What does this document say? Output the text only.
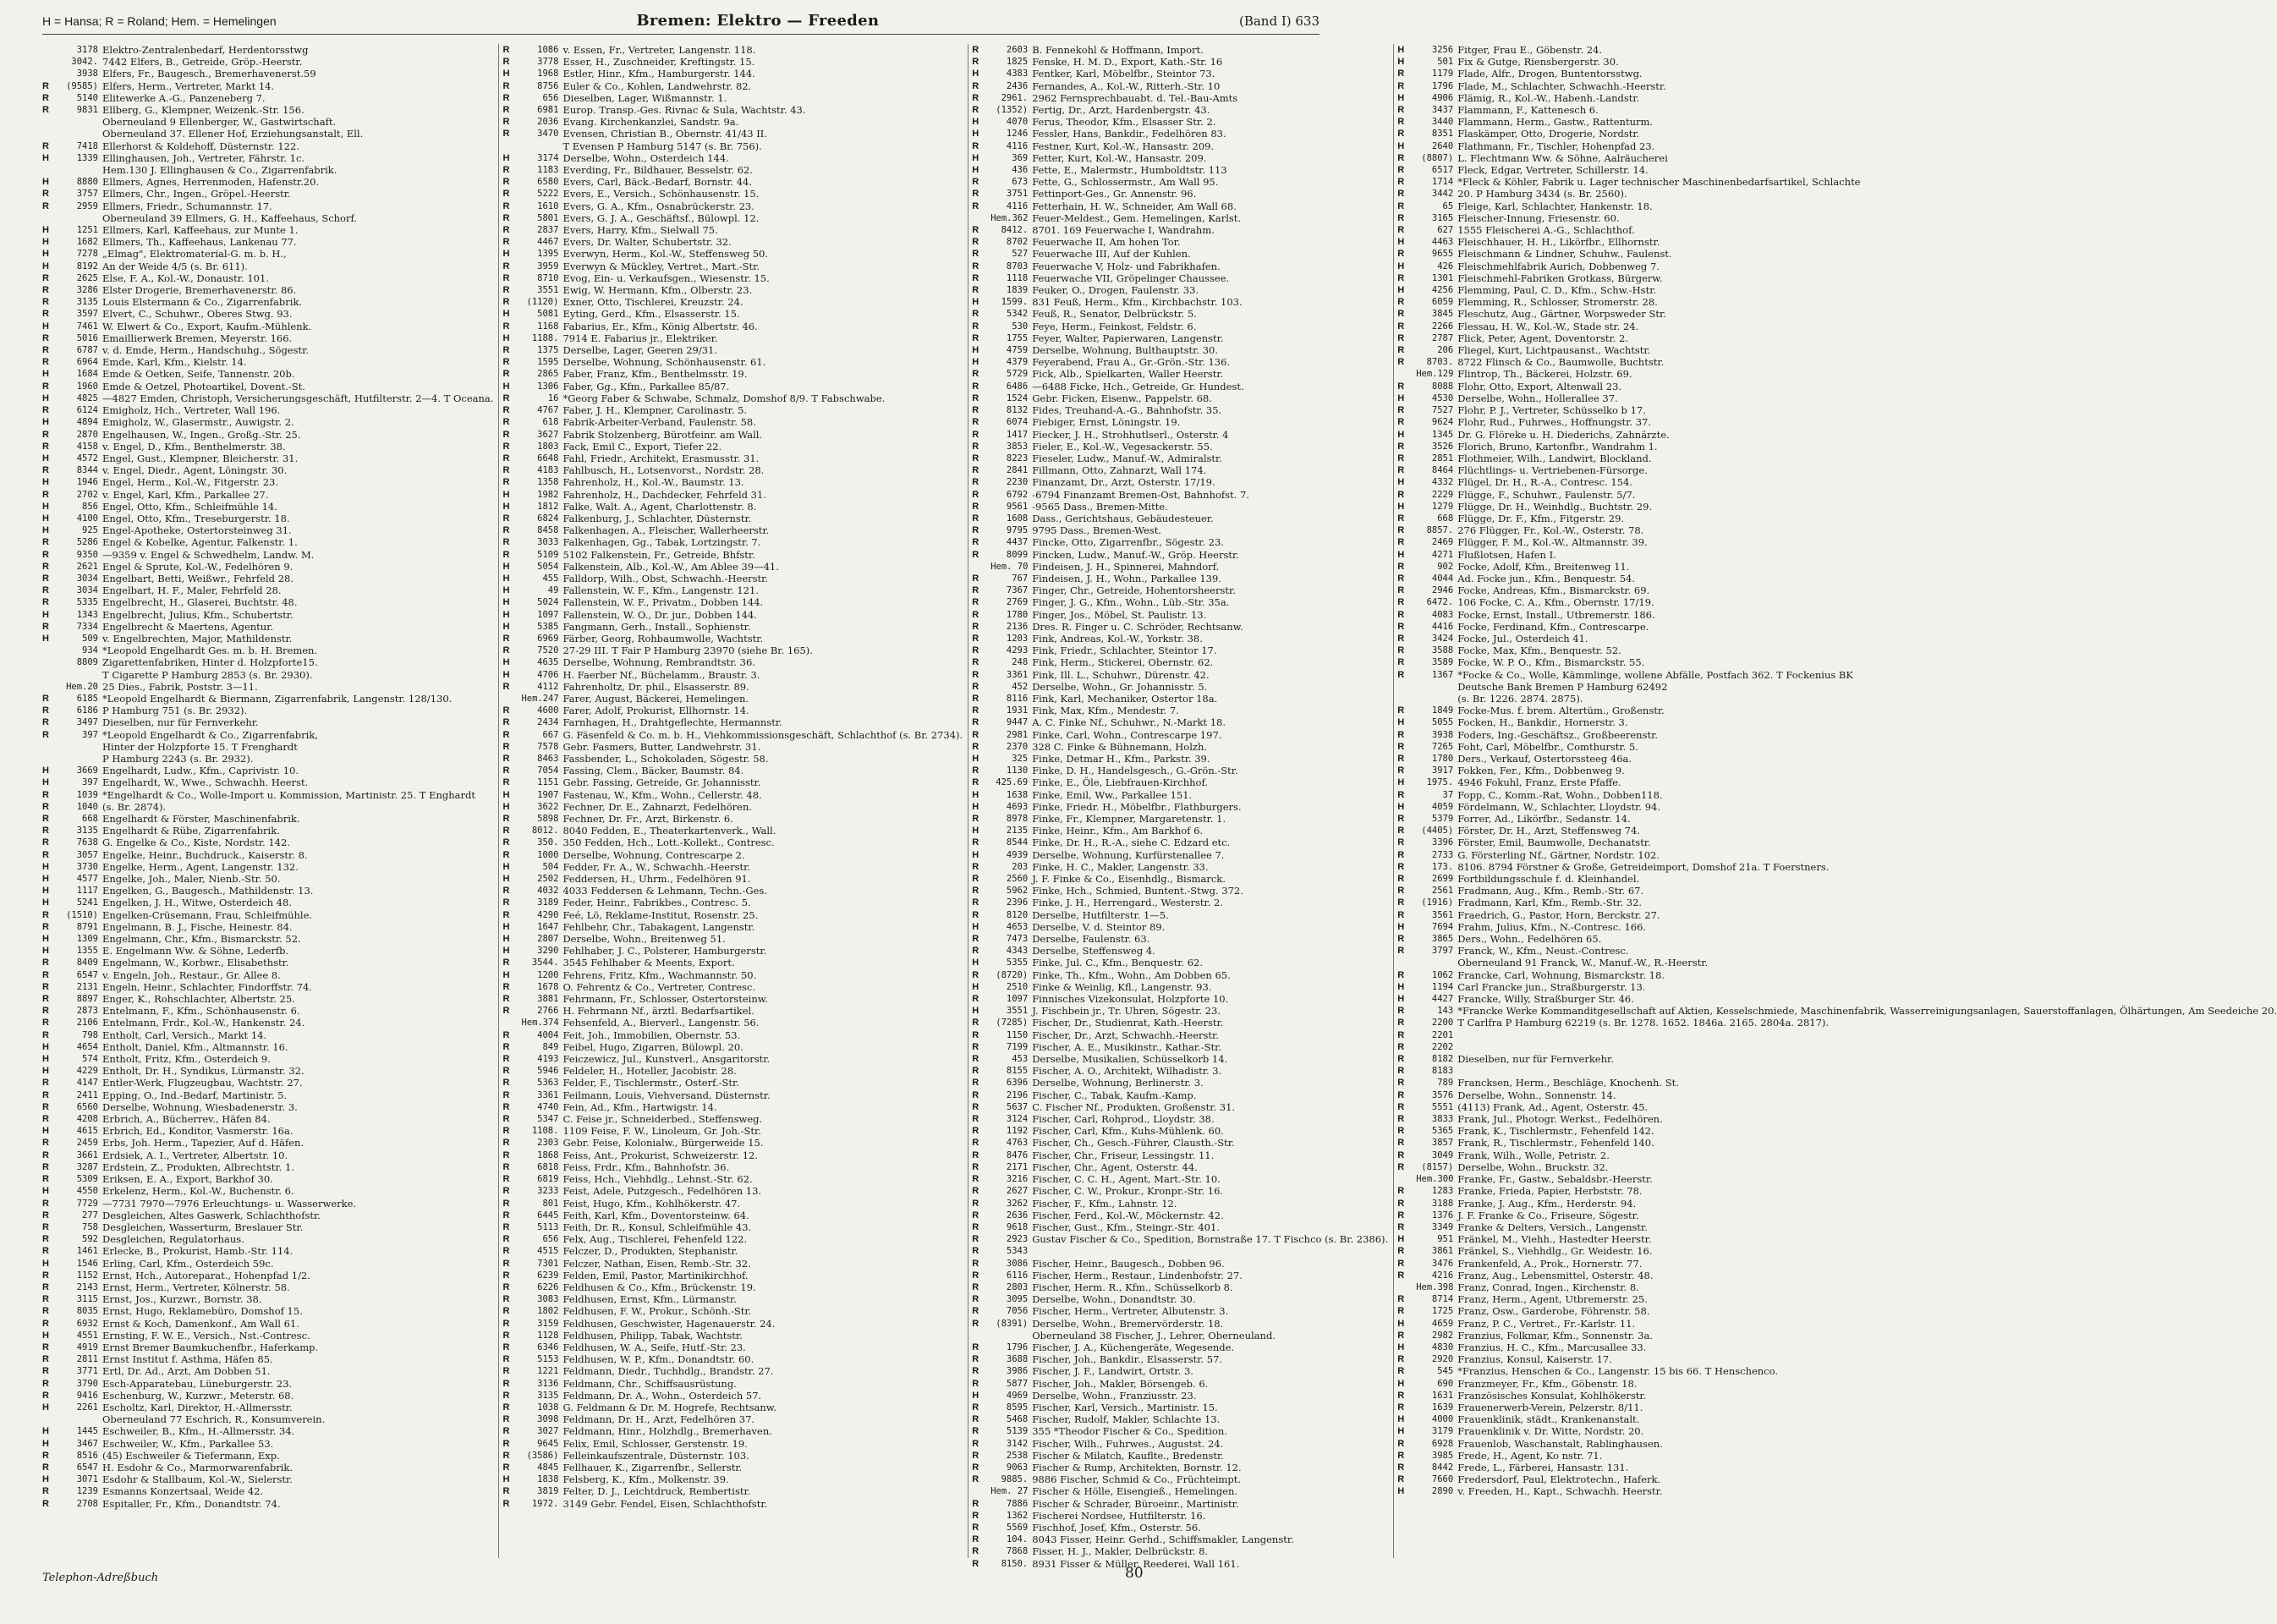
H = Hansa; R = Roland; Hem. = Hemelingen	Bremen: Elektro — Freeden	(Band I) 633
3178 Elektro-Zentralenbedarf, Herdentorsstwg
3042. 7442 Elfers, B., Getreide, Gröp.-Heerstr.
3938 Elfers, Fr., Baugesch., Bremerhavenerst.59
R	(9585) Elfers, Herm., Vertreter, Markt 14.
R	5140 Elitewerke A.-G., Panzeneberg 7.
R	9831 Ellberg, G., Klempner, Weizenk.-Str. 156.
Oberneuland 9 Ellenberger, W., Gastwirtschaft.
Oberneuland 37. Ellener Hof, Erziehungsanstalt, Ell.
R	7418 Ellerhorst & Koldehoff, Düsternstr. 122.
H	1339 Ellinghausen, Joh., Vertreter, Fährstr. 1c.
Hem.130 J. Ellinghausen & Co., Zigarrenfabrik.
H	8880 Ellmers, Agnes, Herrenmoden, Hafenstr.20.
R	3757 Ellmers, Chr., Ingen., Gröpel.-Heerstr.
R	2959 Ellmers, Friedr., Schumannstr. 17.
Oberneuland 39 Ellmers, G. H., Kaffeehaus, Schorf.
H	1251 Ellmers, Karl, Kaffeehaus, zur Munte 1.
H	1682 Ellmers, Th., Kaffeehaus, Lankenau 77.
H	7278 „Elmag", Elektromaterial-G. m. b. H.,
H	8192 An der Weide 4/5 (s. Br. 611).
R	2625 Else, F. A., Kol.-W., Donaustr. 101.
R	3286 Elster Drogerie, Bremerhavenerstr. 86.
R	3135 Louis Elstermann & Co., Zigarrenfabrik.
R	3597 Elvert, C., Schuhwr., Oberes Stwg. 93.
H	7461 W. Elwert & Co., Export, Kaufm.-Mühlenk.
R	5016 Emaillierwerk Bremen, Meyerstr. 166.
R	6787 v. d. Emde, Herm., Handschuhg., Sögestr.
R	6964 Emde, Karl, Kfm., Kielstr. 14.
H	1684 Emde & Oetken, Seife, Tannenstr. 20b.
R	1960 Emde & Oetzel, Photoartikel, Dovent.-St.
H	4825 —4827 Emden, Christoph, Versicherungsgeschäft, Hutfilterstr. 2—4. T Oceana.
R	6124 Emigholz, Hch., Vertreter, Wall 196.
H	4894 Emigholz, W., Glasermstr., Auwigstr. 2.
R	2870 Engelhausen, W., Ingen., Großg.-Str. 25.
R	4158 v. Engel, D., Kfm., Benthelmerstr. 38.
H	4572 Engel, Gust., Klempner, Bleicherstr. 31.
R	8344 v. Engel, Diedr., Agent, Löningstr. 30.
H	1946 Engel, Herm., Kol.-W., Fitgerstr. 23.
R	2702 v. Engel, Karl, Kfm., Parkallee 27.
H	856 Engel, Otto, Kfm., Schleifmühle 14.
H	4100 Engel, Otto, Kfm., Treseburgerstr. 18.
H	925 Engel-Apotheke, Ostertorsteinweg 31.
R	5286 Engel & Kobelke, Agentur, Falkenstr. 1.
R	9350 —9359 v. Engel & Schwedhelm, Landw. M.
R	2621 Engel & Sprute, Kol.-W., Fedelhören 9.
R	3034 Engelbart, Betti, Weißwr., Fehrfeld 28.
R	3034 Engelbart, H. F., Maler, Fehrfeld 28.
R	5335 Engelbrecht, H., Glaserei, Buchtstr. 48.
H	1343 Engelbrecht, Julius, Kfm., Schubertstr.
R	7334 Engelbrecht & Maertens, Agentur.
H	509 v. Engelbrechten, Major, Mathildenstr.
934 *Leopold Engelhardt Ges. m. b. H. Bremen.
8809 Zigarettenfabriken, Hinter d. Holzpforte15.
T Cigarette P Hamburg 2853 (s. Br. 2930).
Hem.20 25 Dies., Fabrik, Poststr. 3—11.
R	6185 *Leopold Engelhardt & Biermann, Zigarrenfabrik, Langenstr. 128/130.
R	6186 P Hamburg 751 (s. Br. 2932).
R	3497 Dieselben, nur für Fernverkehr.
R	397 *Leopold Engelhardt & Co., Zigarrenfabrik,
Hinter der Holzpforte 15. T Frenghardt
P Hamburg 2243 (s. Br. 2932).
H	3669 Engelhardt, Ludw., Kfm., Caprivistr. 10.
H	397 Engelhardt, W., Wwe., Schwachh. Heerst.
R	1039 *Engelhardt & Co., Wolle-Import u. Kommission, Martinistr. 25. T Enghardt
R	1040 (s. Br. 2874).
R	668 Engelhardt & Förster, Maschinenfabrik.
R	3135 Engelhardt & Rübe, Zigarrenfabrik.
R	7638 G. Engelke & Co., Kiste, Nordstr. 142.
R	3057 Engelke, Heinr., Buchdruck., Kaiserstr. 8.
H	3730 Engelke, Herm., Agent, Langenstr. 132.
H	4577 Engelke, Joh., Maler, Nienb.-Str. 50.
H	1117 Engelken, G., Baugesch., Mathildenstr. 13.
H	5241 Engelken, J. H., Witwe, Osterdeich 48.
R	(1510) Engelken-Crüsemann, Frau, Schleifmühle.
R	8791 Engelmann, B. J., Fische, Heinestr. 84.
H	1309 Engelmann, Chr., Kfm., Bismarckstr. 52.
H	1355 E. Engelmann Ww. & Söhne, Lederfb.
R	8409 Engelmann, W., Korbwr., Elisabethstr.
R	6547 v. Engeln, Joh., Restaur., Gr. Allee 8.
R	2131 Engeln, Heinr., Schlachter, Findorffstr. 74.
R	8897 Enger, K., Rohschlachter, Albertstr. 25.
R	2873 Entelmann, F., Kfm., Schönhausenstr. 6.
R	2106 Entelmann, Frdr., Kol.-W., Hankenstr. 24.
R	798 Entholt, Carl, Versich., Markt 14.
H	4654 Entholt, Daniel, Kfm., Altmannstr. 16.
H	574 Entholt, Fritz, Kfm., Osterdeich 9.
H	4229 Entholt, Dr. H., Syndikus, Lürmanstr. 32.
R	4147 Entler-Werk, Flugzeugbau, Wachtstr. 27.
R	2411 Epping, O., Ind.-Bedarf, Martinistr. 5.
R	6560 Derselbe, Wohnung, Wiesbadenerstr. 3.
R	4208 Erbrich, A., Bücherrev., Häfen 84.
H	4615 Erbrich, Ed., Konditor, Vasmerstr. 16a.
R	2459 Erbs, Joh. Herm., Tapezier, Auf d. Häfen.
R	3661 Erdsiek, A. I., Vertreter, Albertstr. 10.
R	3287 Erdstein, Z., Produkten, Albrechtstr. 1.
R	5309 Eriksen, E. A., Export, Barkhof 30.
H	4550 Erkelenz, Herm., Kol.-W., Buchenstr. 6.
R	7729 —7731 7970—7976 Erleuchtungs- u. Wasserwerke.
R	277 Desgleichen, Altes Gaswerk, Schlachthofstr.
R	758 Desgleichen, Wasserturm, Breslauer Str.
R	592 Desgleichen, Regulatorhaus.
R	1461 Erlecke, B., Prokurist, Hamb.-Str. 114.
H	1546 Erling, Carl, Kfm., Osterdeich 59c.
R	1152 Ernst, Hch., Autoreparat., Hohenpfad 1/2.
R	2143 Ernst, Herm., Vertreter, Kölnerstr. 58.
R	3115 Ernst, Jos., Kurzwr., Bornstr. 38.
R	8035 Ernst, Hugo, Reklamebüro, Domshof 15.
R	6932 Ernst & Koch, Damenkonf., Am Wall 61.
H	4551 Ernsting, F. W. E., Versich., Nst.-Contresc.
R	4919 Ernst Bremer Baumkuchenfbr., Haferkamp.
R	2811 Ernst Institut f. Asthma, Häfen 85.
R	3771 Ertl, Dr. Ad., Arzt, Am Dobben 51.
R	3790 Esch-Apparatebau, Lüneburgerstr. 23.
R	9416 Eschenburg, W., Kurzwr., Meterstr. 68.
H	2261 Escholtz, Karl, Direktor, H.-Allmersstr.
Oberneuland 77 Eschrich, R., Konsumverein.
H	1445 Eschweiler, B., Kfm., H.-Allmersstr. 34.
H	3467 Eschweiler, W., Kfm., Parkallee 53.
R	8516 (45) Eschweiler & Tiefermann, Exp.
R	6547 H. Esdohr & Co., Marmorwarenfabrik.
H	3071 Esdohr & Stallbaum, Kol.-W., Sielerstr.
R	1239 Esmanns Konzertsaal, Weide 42.
R	2708 Espitaller, Fr., Kfm., Donandtstr. 74.
R	1086 v. Essen, Fr., Vertreter, Langenstr. 118.
R	3778 Esser, H., Zuschneider, Kreftingstr. 15.
H	1968 Estler, Hinr., Kfm., Hamburgerstr. 144.
R	8756 Euler & Co., Kohlen, Landwehrstr. 82.
R	656 Dieselben, Lager, Wißmannstr. 1.
R	6981 Europ. Transp.-Ges. Rivnac & Sula, Wachtstr. 43.
R	2036 Evang. Kirchenkanzlei, Sandstr. 9a.
R	3470 Evensen, Christian B., Obernstr. 41/43 II.
T Evensen P Hamburg 5147 (s. Br. 756).
H	3174 Derselbe, Wohn., Osterdeich 144.
R	1183 Everding, Fr., Bildhauer, Besselstr. 62.
R	6580 Evers, Carl, Bäck.-Bedarf, Bornstr. 44.
R	5222 Evers, E., Versich., Schönhausenstr. 15.
R	1610 Evers, G. A., Kfm., Osnabrückerstr. 23.
R	5801 Evers, G. J. A., Geschäftsf., Bülowpl. 12.
R	2837 Evers, Harry, Kfm., Sielwall 75.
R	4467 Evers, Dr. Walter, Schubertstr. 32.
H	1395 Everwyn, Herm., Kol.-W., Steffensweg 50.
R	3959 Everwyn & Mückley, Vertret., Mart.-Str.
R	8710 Evog, Ein- u. Verkaufsgen., Wiesenstr. 15.
R	3551 Ewig, W. Hermann, Kfm., Olberstr. 23.
R	(1120) Exner, Otto, Tischlerei, Kreuzstr. 24.
H	5081 Eyting, Gerd., Kfm., Elsasserstr. 15.
R	1168 Fabarius, Er., Kfm., König Albertstr. 46.
H	1188. 7914 E. Fabarius jr., Elektriker.
R	1375 Derselbe, Lager, Geeren 29/31.
R	1595 Derselbe, Wohnung, Schönhausenstr. 61.
R	2865 Faber, Franz, Kfm., Benthelmsstr. 19.
H	1306 Faber, Gg., Kfm., Parkallee 85/87.
R	16 *Georg Faber & Schwabe, Schmalz, Domshof 8/9. T Fabschwabe.
R	4767 Faber, J. H., Klempner, Carolinastr. 5.
R	618 Fabrik-Arbeiter-Verband, Faulenstr. 58.
R	3627 Fabrik Stolzenberg, Bürotfeinr. am Wall.
R	1803 Fack, Emil C., Export, Tiefer 22.
R	6648 Fahl, Friedr., Architekt, Erasmusstr. 31.
R	4183 Fahlbusch, H., Lotsenvorst., Nordstr. 28.
R	1358 Fahrenholz, H., Kol.-W., Baumstr. 13.
H	1982 Fahrenholz, H., Dachdecker, Fehrfeld 31.
H	1812 Falke, Walt. A., Agent, Charlottenstr. 8.
R	6824 Falkenburg, J., Schlachter, Düsternstr.
R	8458 Falkenhagen, A., Fleischer, Wallerheerstr.
R	3033 Falkenhagen, Gg., Tabak, Lortzingstr. 7.
R	5109 5102 Falkenstein, Fr., Getreide, Bhfstr.
H	5054 Falkenstein, Alb., Kol.-W., Am Ablee 39—41.
H	455 Falldorp, Wilh., Obst, Schwachh.-Heerstr.
H	49 Fallenstein, W. F., Kfm., Langenstr. 121.
H	5024 Fallenstein, W. F., Privatm., Dobben 144.
H	1097 Fallenstein, W. O., Dr. jur., Dobben 144.
H	5385 Fangmann, Gerh., Install., Sophienstr.
R	6969 Färber, Georg, Rohbaumwolle, Wachtstr.
R	7520 27-29 III. T Fair P Hamburg 23970 (siehe Br. 165).
H	4635 Derselbe, Wohnung, Rembrandtstr. 36.
H	4706 H. Faerber Nf., Büchelamm., Braustr. 3.
R	4112 Fahrenholtz, Dr. phil., Elsasserstr. 89.
Hem.247 Farer, August, Bäckerei, Hemelingen.
R	4600 Farer, Adolf, Prokurist, Ellhornstr. 14.
R	2434 Farnhagen, H., Drahtgeflechte, Hermannstr.
R	667 G. Fäsenfeld & Co. m. b. H., Viehkommissionsgeschäft, Schlachthof (s. Br. 2734).
R	7578 Gebr. Fasmers, Butter, Landwehrstr. 31.
R	8463 Fassbender, L., Schokoladen, Sögestr. 58.
R	7054 Fassing, Clem., Bäcker, Baumstr. 84.
R	1151 Gebr. Fassing, Getreide, Gr. Johannisstr.
H	1907 Fastenau, W., Kfm., Wohn., Cellerstr. 48.
H	3622 Fechner, Dr. E., Zahnarzt, Fedelhören.
R	5898 Fechner, Dr. Fr., Arzt, Birkenstr. 6.
R	8012. 8040 Fedden, E., Theaterkartenverk., Wall.
R	350. 350 Fedden, Hch., Lott.-Kollekt., Contresc.
R	1000 Derselbe, Wohnung, Contrescarpe 2.
H	504 Fedder, Fr. A., W., Schwachh.-Heerstr.
H	2502 Feddersen, H., Uhrm., Fedelhören 91.
R	4032 4033 Feddersen & Lehmann, Techn.-Ges.
R	3189 Feder, Heinr., Fabrikbes., Contresc. 5.
R	4290 Feé, Lö, Reklame-Institut, Rosenstr. 25.
H	1647 Fehlbehr, Chr., Tabakagent, Langenstr.
H	2807 Derselbe, Wohn., Breitenweg 51.
H	3290 Fehlhaber, J. C., Polsterer, Hamburgerstr.
R	3544. 3545 Fehlhaber & Meents, Export.
H	1200 Fehrens, Fritz, Kfm., Wachmannstr. 50.
R	1678 O. Fehrentz & Co., Vertreter, Contresc.
R	3881 Fehrmann, Fr., Schlosser, Ostertorsteinw.
R	2766 H. Fehrmann Nf., ärztl. Bedarfsartikel.
Hem.374 Fehsenfeld, A., Bierverl., Langenstr. 56.
R	4004 Feit, Joh., Immobilien, Obernstr. 53.
R	849 Feibel, Hugo, Zigarren, Bülowpl. 20.
R	4193 Feiczewicz, Jul., Kunstverl., Ansgaritorstr.
R	5946 Feldeler, H., Hoteller, Jacobistr. 28.
R	5363 Felder, F., Tischlermstr., Osterf.-Str.
R	3361 Feilmann, Louis, Viehversand, Düsternstr.
R	4740 Fein, Ad., Kfm., Hartwigstr. 14.
R	5347 C. Feise jr., Schneiderbed., Steffensweg.
R	1108. 1109 Feise, F. W., Linoleum, Gr. Joh.-Str.
R	2303 Gebr. Feise, Kolonialw., Bürgerweide 15.
R	1868 Feiss, Ant., Prokurist, Schweizerstr. 12.
R	6818 Feiss, Frdr., Kfm., Bahnhofstr. 36.
R	6819 Feiss, Hch., Viehhdlg., Lehnst.-Str. 62.
R	3233 Feist, Adele, Putzgesch., Fedelhören 13.
R	801 Feist, Hugo, Kfm., Kohlhökerstr. 47.
R	6445 Feith, Karl, Kfm., Doventorsteinw. 64.
R	5113 Feith, Dr. R., Konsul, Schleifmühle 43.
R	656 Felx, Aug., Tischlerei, Fehenfeld 122.
R	4515 Felczer, D., Produkten, Stephanistr.
R	7301 Felczer, Nathan, Eisen, Remb.-Str. 32.
R	6239 Felden, Emil, Pastor, Martinikirchhof.
R	6226 Feldhusen & Co., Kfm., Brückenstr. 19.
R	3083 Feldhusen, Ernst, Kfm., Lürmanstr.
R	1802 Feldhusen, F. W., Prokur., Schönh.-Str.
R	3159 Feldhusen, Geschwister, Hagenauerstr. 24.
R	1128 Feldhusen, Philipp, Tabak, Wachtstr.
R	6346 Feldhusen, W. A., Seife, Hutf.-Str. 23.
R	5153 Feldhusen, W. P., Kfm., Donandtstr. 60.
R	1221 Feldmann, Diedr., Tuchhdlg., Brandstr. 27.
R	3136 Feldmann, Chr., Schiffsausrüstung.
R	3135 Feldmann, Dr. A., Wohn., Osterdeich 57.
R	1038 G. Feldmann & Dr. M. Hogrefe, Rechtsanw.
R	3098 Feldmann, Dr. H., Arzt, Fedelhören 37.
R	3027 Feldmann, Hinr., Holzhdlg., Bremerhaven.
R	9645 Felix, Emil, Schlosser, Gerstenstr. 19.
R	(3586) Felleinkaufszentrale, Düsternstr. 103.
R	4845 Fellhauer, K., Zigarrenfbr., Sellerstr.
H	1838 Felsberg, K., Kfm., Molkenstr. 39.
R	3819 Felter, D. J., Leichtdruck, Rembertistr.
R	1972. 3149 Gebr. Fendel, Eisen, Schlachthofstr.
R	2603 B. Fennekohl & Hoffmann, Import.
R	1825 Fenske, H. M. D., Export, Kath.-Str. 16
H	4383 Fentker, Karl, Möbelfbr., Steintor 73.
R	2436 Fernandes, A., Kol.-W., Ritterh.-Str. 10
R	2961. 2962 Fernsprechbauabt. d. Tel.-Bau-Amts
R	(1352) Fertig, Dr., Arzt, Hardenbergstr. 43.
H	4070 Ferus, Theodor, Kfm., Elsasser Str. 2.
H	1246 Fessler, Hans, Bankdir., Fedelhören 83.
R	4116 Festner, Kurt, Kol.-W., Hansastr. 209.
H	369 Fetter, Kurt, Kol.-W., Hansastr. 209.
H	436 Fette, E., Malermstr., Humboldtstr. 113
R	673 Fette, G., Schlossermstr., Am Wall 95.
R	3751 Fettinport-Ges., Gr. Annenstr. 96.
R	4116 Fetterhain, H. W., Schneider, Am Wall 68.
Hem.362 Feuer-Meldest., Gem. Hemelingen, Karlst.
R	8412. 8701. 169 Feuerwache I, Wandrahm.
R	8702 Feuerwache II, Am hohen Tor.
R	527 Feuerwache III, Auf der Kuhlen.
R	8703 Feuerwache V, Holz- und Fabrikhafen.
R	1118 Feuerwache VII, Gröpelinger Chaussee.
R	1839 Feuker, O., Drogen, Faulenstr. 33.
H	1599. 831 Feuß, Herm., Kfm., Kirchbachstr. 103.
R	5342 Feuß, R., Senator, Delbrückstr. 5.
R	530 Feye, Herm., Feinkost, Feldstr. 6.
R	1755 Feyer, Walter, Papierwaren, Langenstr.
H	4759 Derselbe, Wohnung, Bulthauptstr. 30.
H	4379 Feyerabend, Frau A., Gr.-Grön.-Str. 136.
R	5729 Fick, Alb., Spielkarten, Waller Heerstr.
R	6486 —6488 Ficke, Hch., Getreide, Gr. Hundest.
R	1524 Gebr. Ficken, Eisenw., Pappelstr. 68.
R	8132 Fides, Treuhand-A.-G., Bahnhofstr. 35.
R	6074 Fiebiger, Ernst, Löningstr. 19.
R	1417 Fiecker, J. H., Strohhutlserl., Osterstr. 4
R	3853 Fieler, E., Kol.-W., Vegesackerstr. 55.
R	8223 Fieseler, Ludw., Manuf.-W., Admiralstr.
R	2841 Fillmann, Otto, Zahnarzt, Wall 174.
R	2230 Finanzamt, Dr., Arzt, Osterstr. 17/19.
R	6792 -6794 Finanzamt Bremen-Ost, Bahnhofst. 7.
R	9561 -9565 Dass., Bremen-Mitte.
R	1608 Dass., Gerichtshaus, Gebäudesteuer.
R	9795 9795 Dass., Bremen-West.
R	4437 Fincke, Otto, Zigarrenfbr., Sögestr. 23.
R	8099 Fincken, Ludw., Manuf.-W., Gröp. Heerstr.
Hem. 70 Findeisen, J. H., Spinnerei, Mahndorf.
R	767 Findeisen, J. H., Wohn., Parkallee 139.
R	7367 Finger, Chr., Getreide, Hohentorsheerstr.
R	2769 Finger, J. G., Kfm., Wohn., Lüb.-Str. 35a.
R	1780 Finger, Jos., Möbel, St. Paulistr. 13.
R	2136 Dres. R. Finger u. C. Schröder, Rechtsanw.
R	1203 Fink, Andreas, Kol.-W., Yorkstr. 38.
R	4293 Fink, Friedr., Schlachter, Steintor 17.
R	248 Fink, Herm., Stickerei, Obernstr. 62.
R	3361 Fink, Ill. L., Schuhwr., Dürenstr. 42.
R	452 Derselbe, Wohn., Gr. Johannisstr. 5.
R	8116 Fink, Karl, Mechaniker, Ostertor 18a.
R	1931 Fink, Max, Kfm., Mendestr. 7.
R	9447 A. C. Finke Nf., Schuhwr., N.-Markt 18.
R	2981 Finke, Carl, Wohn., Contrescarpe 197.
R	2370 328 C. Finke & Bühnemann, Holzh.
H	325 Finke, Detmar H., Kfm., Parkstr. 39.
R	1130 Finke, D. H., Handelsgesch., G.-Grön.-Str.
R	425.69 Finke, E., Öle, Liebfrauen-Kirchhof.
H	1638 Finke, Emil, Ww., Parkallee 151.
H	4693 Finke, Friedr. H., Möbelfbr., Flathburgers.
R	8978 Finke, Fr., Klempner, Margaretenstr. 1.
H	2135 Finke, Heinr., Kfm., Am Barkhof 6.
R	8544 Finke, Dr. H., R.-A., siehe C. Edzard etc.
H	4939 Derselbe, Wohnung, Kurfürstenallee 7.
R	203 Finke, H. C., Makler, Langenstr. 33.
R	2560 J. F. Finke & Co., Eisenhdlg., Bismarck.
R	5962 Finke, Hch., Schmied, Buntent.-Stwg. 372.
R	2396 Finke, J. H., Herrengard., Westerstr. 2.
R	8120 Derselbe, Hutfilterstr. 1—5.
H	4653 Derselbe, V. d. Steintor 89.
R	7473 Derselbe, Faulenstr. 63.
R	4343 Derselbe, Steffensweg 4.
H	5355 Finke, Jul. C., Kfm., Benquestr. 62.
R	(8720) Finke, Th., Kfm., Wohn., Am Dobben 65.
H	2510 Finke & Weinlig, Kfl., Langenstr. 93.
R	1097 Finnisches Vizekonsulat, Holzpforte 10.
H	3551 J. Fischbein jr., Tr. Uhren, Sögestr. 23.
R	(7285) Fischer, Dr., Studienrat, Kath.-Heerstr.
R	1150 Fischer, Dr., Arzt, Schwachh.-Heerstr.
R	7199 Fischer, A. E., Musikinstr., Kathar.-Str.
R	453 Derselbe, Musikalien, Schüsselkorb 14.
R	8155 Fischer, A. O., Architekt, Wilhadistr. 3.
R	6396 Derselbe, Wohnung, Berlinerstr. 3.
R	2196 Fischer, C., Tabak, Kaufm.-Kamp.
R	5637 C. Fischer Nf., Produkten, Großenstr. 31.
R	3124 Fischer, Carl, Rohprod., Lloydstr. 38.
R	1192 Fischer, Carl, Kfm., Kuhs-Mühlenk. 60.
R	4763 Fischer, Ch., Gesch.-Führer, Clausth.-Str.
R	8476 Fischer, Chr., Friseur, Lessingstr. 11.
R	2171 Fischer, Chr., Agent, Osterstr. 44.
R	3216 Fischer, C. C. H., Agent, Mart.-Str. 10.
R	2627 Fischer, C. W., Prokur., Kronpr.-Str. 16.
R	3262 Fischer, F., Kfm., Lahnstr. 12.
R	2636 Fischer, Ferd., Kol.-W., Möckernstr. 42.
R	9618 Fischer, Gust., Kfm., Steingr.-Str. 401.
R	2923 Gustav Fischer & Co., Spedition, Bornstraße 17. T Fischco (s. Br. 2386).
R	5343
R	3086 Fischer, Heinr., Baugesch., Dobben 96.
R	6116 Fischer, Herm., Restaur., Lindenhofstr. 27.
R	2803 Fischer, Herm. R., Kfm., Schüsselkorb 8.
R	3095 Derselbe, Wohn., Donandtstr. 30.
R	7056 Fischer, Herm., Vertreter, Albutenstr. 3.
R	(8391) Derselbe, Wohn., Bremervörderstr. 18.
Oberneuland 38 Fischer, J., Lehrer, Oberneuland.
R	1796 Fischer, J. A., Küchengeräte, Wegesende.
R	3688 Fischer, Joh., Bankdir., Elsasserstr. 57.
R	3986 Fischer, J. F., Landwirt, Ortstr. 3.
R	5877 Fischer, Joh., Makler, Börsengeb. 6.
H	4969 Derselbe, Wohn., Franziusstr. 23.
R	8595 Fischer, Karl, Versich., Martinistr. 15.
R	5468 Fischer, Rudolf, Makler, Schlachte 13.
R	5139 355 *Theodor Fischer & Co., Spedition.
R	3142 Fischer, Wilh., Fuhrwes., Augustst. 24.
R	2538 Fischer & Milatch, Kauflte., Bredenstr.
R	9063 Fischer & Rump, Architekten, Bornstr. 12.
R	9885. 9886 Fischer, Schmid & Co., Früchteimpt.
Hem. 27 Fischer & Hölle, Eisengieß., Hemelingen.
R	7886 Fischer & Schrader, Büroeinr., Martinistr.
R	1362 Fischerei Nordsee, Hutfilterstr. 16.
R	5569 Fischhof, Josef, Kfm., Osterstr. 56.
R	104. 8043 Fisser, Heinr. Gerhd., Schiffsmakler, Langenstr.
R	7868 Fisser, H. J., Makler, Delbrückstr. 8.
R	8150. 8931 Fisser & Müller, Reederei, Wall 161.
H	3256 Fitger, Frau E., Göbenstr. 24.
H	501 Fix & Gutge, Riensbergerstr. 30.
R	1179 Flade, Alfr., Drogen, Buntentorsstwg.
R	1796 Flade, M., Schlachter, Schwachh.-Heerstr.
H	4906 Flämig, R., Kol.-W., Habenh.-Landstr.
R	3437 Flammann, F., Kattenesch 6.
R	3440 Flammann, Herm., Gastw., Rattenturm.
R	8351 Flaskämper, Otto, Drogerie, Nordstr.
H	2640 Flathmann, Fr., Tischler, Hohenpfad 23.
R	(8807) L. Flechtmann Ww. & Söhne, Aalräucherei
R	6517 Fleck, Edgar, Vertreter, Schillerstr. 14.
R	1714 *Fleck & Köhler, Fabrik u. Lager technischer Maschinenbedarfsartikel, Schlachte
R	3442 20. P Hamburg 3434 (s. Br. 2560).
R	65 Fleige, Karl, Schlachter, Hankenstr. 18.
R	3165 Fleischer-Innung, Friesenstr. 60.
R	627 1555 Fleischerei A.-G., Schlachthof.
H	4463 Fleischhauer, H. H., Likörfbr., Ellhornstr.
R	9655 Fleischmann & Lindner, Schuhw., Faulenst.
H	426 Fleischmehlfabrik Aurich, Dobbenweg 7.
R	1301 Fleischmehl-Fabriken Grotkass, Bürgerw.
H	4256 Flemming, Paul, C. D., Kfm., Schw.-Hstr.
R	6059 Flemming, R., Schlosser, Stromerstr. 28.
R	3845 Fleschutz, Aug., Gärtner, Worpsweder Str.
R	2266 Flessau, H. W., Kol.-W., Stade str. 24.
R	2787 Flick, Peter, Agent, Doventorstr. 2.
R	206 Fliegel, Kurt, Lichtpausanst., Wachtstr.
R	8703. 8722 Flinsch & Co., Baumwolle, Buchtstr.
Hem.129 Flintrop, Th., Bäckerei, Holzstr. 69.
R	8088 Flohr, Otto, Export, Altenwall 23.
H	4530 Derselbe, Wohn., Hollerallee 37.
R	7527 Flohr, P. J., Vertreter, Schüsselko b 17.
R	9624 Flohr, Rud., Fuhrwes., Hoffnungstr. 37.
H	1345 Dr. G. Flöreke u. H. Diederichs, Zahnärzte.
R	3526 Florich, Bruno, Kartonfbr., Wandrahm 1.
R	2851 Flothmeier, Wilh., Landwirt, Blockland.
R	8464 Flüchtlings- u. Vertriebenen-Fürsorge.
H	4332 Flügel, Dr. H., R.-A., Contresc. 154.
R	2229 Flügge, F., Schuhwr., Faulenstr. 5/7.
H	1279 Flügge, Dr. H., Weinhdlg., Buchtstr. 29.
R	668 Flügge, Dr. F., Kfm., Fitgerstr. 29.
R	8857. 276 Flügger, Fr., Kol.-W., Osterstr. 78.
R	2469 Flügger, F. M., Kol.-W., Altmannstr. 39.
H	4271 Flußlotsen, Hafen I.
R	902 Focke, Adolf, Kfm., Breitenweg 11.
R	4044 Ad. Focke jun., Kfm., Benquestr. 54.
R	2946 Focke, Andreas, Kfm., Bismarckstr. 69.
R	6472. 106 Focke, C. A., Kfm., Obernstr. 17/19.
R	4083 Focke, Ernst, Install., Utbremerstr. 186.
R	4416 Focke, Ferdinand, Kfm., Contrescarpe.
R	3424 Focke, Jul., Osterdeich 41.
R	3588 Focke, Max, Kfm., Benquestr. 52.
R	3589 Focke, W. P. O., Kfm., Bismarckstr. 55.
R	1367 *Focke & Co., Wolle, Kämmlinge, wollene Abfälle, Postfach 362. T Fockenius BK
Deutsche Bank Bremen P Hamburg 62492
(s. Br. 1226. 2874. 2875).
R	1849 Focke-Mus. f. brem. Altertüm., Großenstr.
H	5055 Focken, H., Bankdir., Hornerstr. 3.
R	3938 Foders, Ing.-Geschäftsz., Großbeerenstr.
R	7265 Foht, Carl, Möbelfbr., Comthurstr. 5.
R	1780 Ders., Verkauf, Ostertorssteeg 46a.
R	3917 Fokken, Fer., Kfm., Dobbenweg 9.
H	1975. 4946 Fokuhl, Franz, Erste Pfaffe.
R	37 Fopp, C., Komm.-Rat, Wohn., Dobben118.
H	4059 Fördelmann, W., Schlachter, Lloydstr. 94.
R	5379 Forrer, Ad., Likörfbr., Sedanstr. 14.
R	(4405) Förster, Dr. H., Arzt, Steffensweg 74.
R	3396 Förster, Emil, Baumwolle, Dechanatstr.
R	2733 G. Försterling Nf., Gärtner, Nordstr. 102.
R	173. 8106. 8794 Förstner & Große, Getreideimport, Domshof 21a. T Foerstners.
R	2699 Fortbildungsschule f. d. Kleinhandel.
R	2561 Fradmann, Aug., Kfm., Remb.-Str. 67.
R	(1916) Fradmann, Karl, Kfm., Remb.-Str. 32.
R	3561 Fraedrich, G., Pastor, Horn, Berckstr. 27.
H	7694 Frahm, Julius, Kfm., N.-Contresc. 166.
R	3865 Ders., Wohn., Fedelhören 65.
R	3797 Franck, W., Kfm., Neust.-Contresc.
Oberneuland 91 Franck, W., Manuf.-W., R.-Heerstr.
R	1062 Francke, Carl, Wohnung, Bismarckstr. 18.
H	1194 Carl Francke jun., Straßburgerstr. 13.
H	4427 Francke, Willy, Straßburger Str. 46.
R	143 *Francke Werke Kommanditgesellschaft auf Aktien, Kesselschmiede, Maschinenfabrik, Wasserreinigungsanlagen, Sauerstoffanlagen, Ölhärtungen, Am Seedeiche 20.
R	2200 T Carlfra P Hamburg 62219 (s. Br. 1278. 1652. 1846a. 2165. 2804a. 2817).
R	2201
R	2202
R	8182 Dieselben, nur für Fernverkehr.
R	8183
R	789 Francksen, Herm., Beschläge, Knochenh. St.
R	3576 Derselbe, Wohn., Sonnenstr. 14.
R	5551 (4113) Frank, Ad., Agent, Osterstr. 45.
R	3833 Frank, Jul., Photogr. Werkst., Fedelhören.
R	5365 Frank, K., Tischlermstr., Fehenfeld 142.
R	3857 Frank, R., Tischlermstr., Fehenfeld 140.
R	3049 Frank, Wilh., Wolle, Petristr. 2.
R	(8157) Derselbe, Wohn., Bruckstr. 32.
Hem.300 Franke, Fr., Gastw., Sebaldsbr.-Heerstr.
R	1283 Franke, Frieda, Papier, Herbststr. 78.
R	3188 Franke, J. Aug., Kfm., Herderstr. 94.
R	1376 J. F. Franke & Co., Friseure, Sögestr.
R	3349 Franke & Delters, Versich., Langenstr.
H	951 Fränkel, M., Viehh., Hastedter Heerstr.
R	3861 Fränkel, S., Viehhdlg., Gr. Weidestr. 16.
R	3476 Frankenfeld, A., Prok., Hornerstr. 77.
R	4216 Franz, Aug., Lebensmittel, Osterstr. 48.
Hem.398 Franz, Conrad, Ingen., Kirchenstr. 8.
R	8714 Franz, Herm., Agent, Utbremerstr. 25.
R	1725 Franz, Osw., Garderobe, Föhrenstr. 58.
H	4659 Franz, P. C., Vertret., Fr.-Karlstr. 11.
R	2982 Franzius, Folkmar, Kfm., Sonnenstr. 3a.
H	4830 Franzius, H. C., Kfm., Marcusallee 33.
R	2920 Franzius, Konsul, Kaiserstr. 17.
R	545 *Franzius, Henschen & Co., Langenstr. 15 bis 66. T Henschenco.
H	690 Franzmeyer, Fr., Kfm., Göbenstr. 18.
R	1631 Französisches Konsulat, Kohlhökerstr.
R	1639 Frauenerwerb-Verein, Pelzerstr. 8/11.
H	4000 Frauenklinik, städt., Krankenanstalt.
H	3179 Frauenklinik v. Dr. Witte, Nordstr. 20.
R	6928 Frauenlob, Waschanstalt, Rablinghausen.
R	3985 Frede, H., Agent, Ko nstr. 71.
R	8442 Frede, L., Färberei, Hansastr. 131.
R	7660 Fredersdorf, Paul, Elektrotechn., Haferk.
H	2890 v. Freeden, H., Kapt., Schwachh. Heerstr.
Telephon-Adreßbuch	80
